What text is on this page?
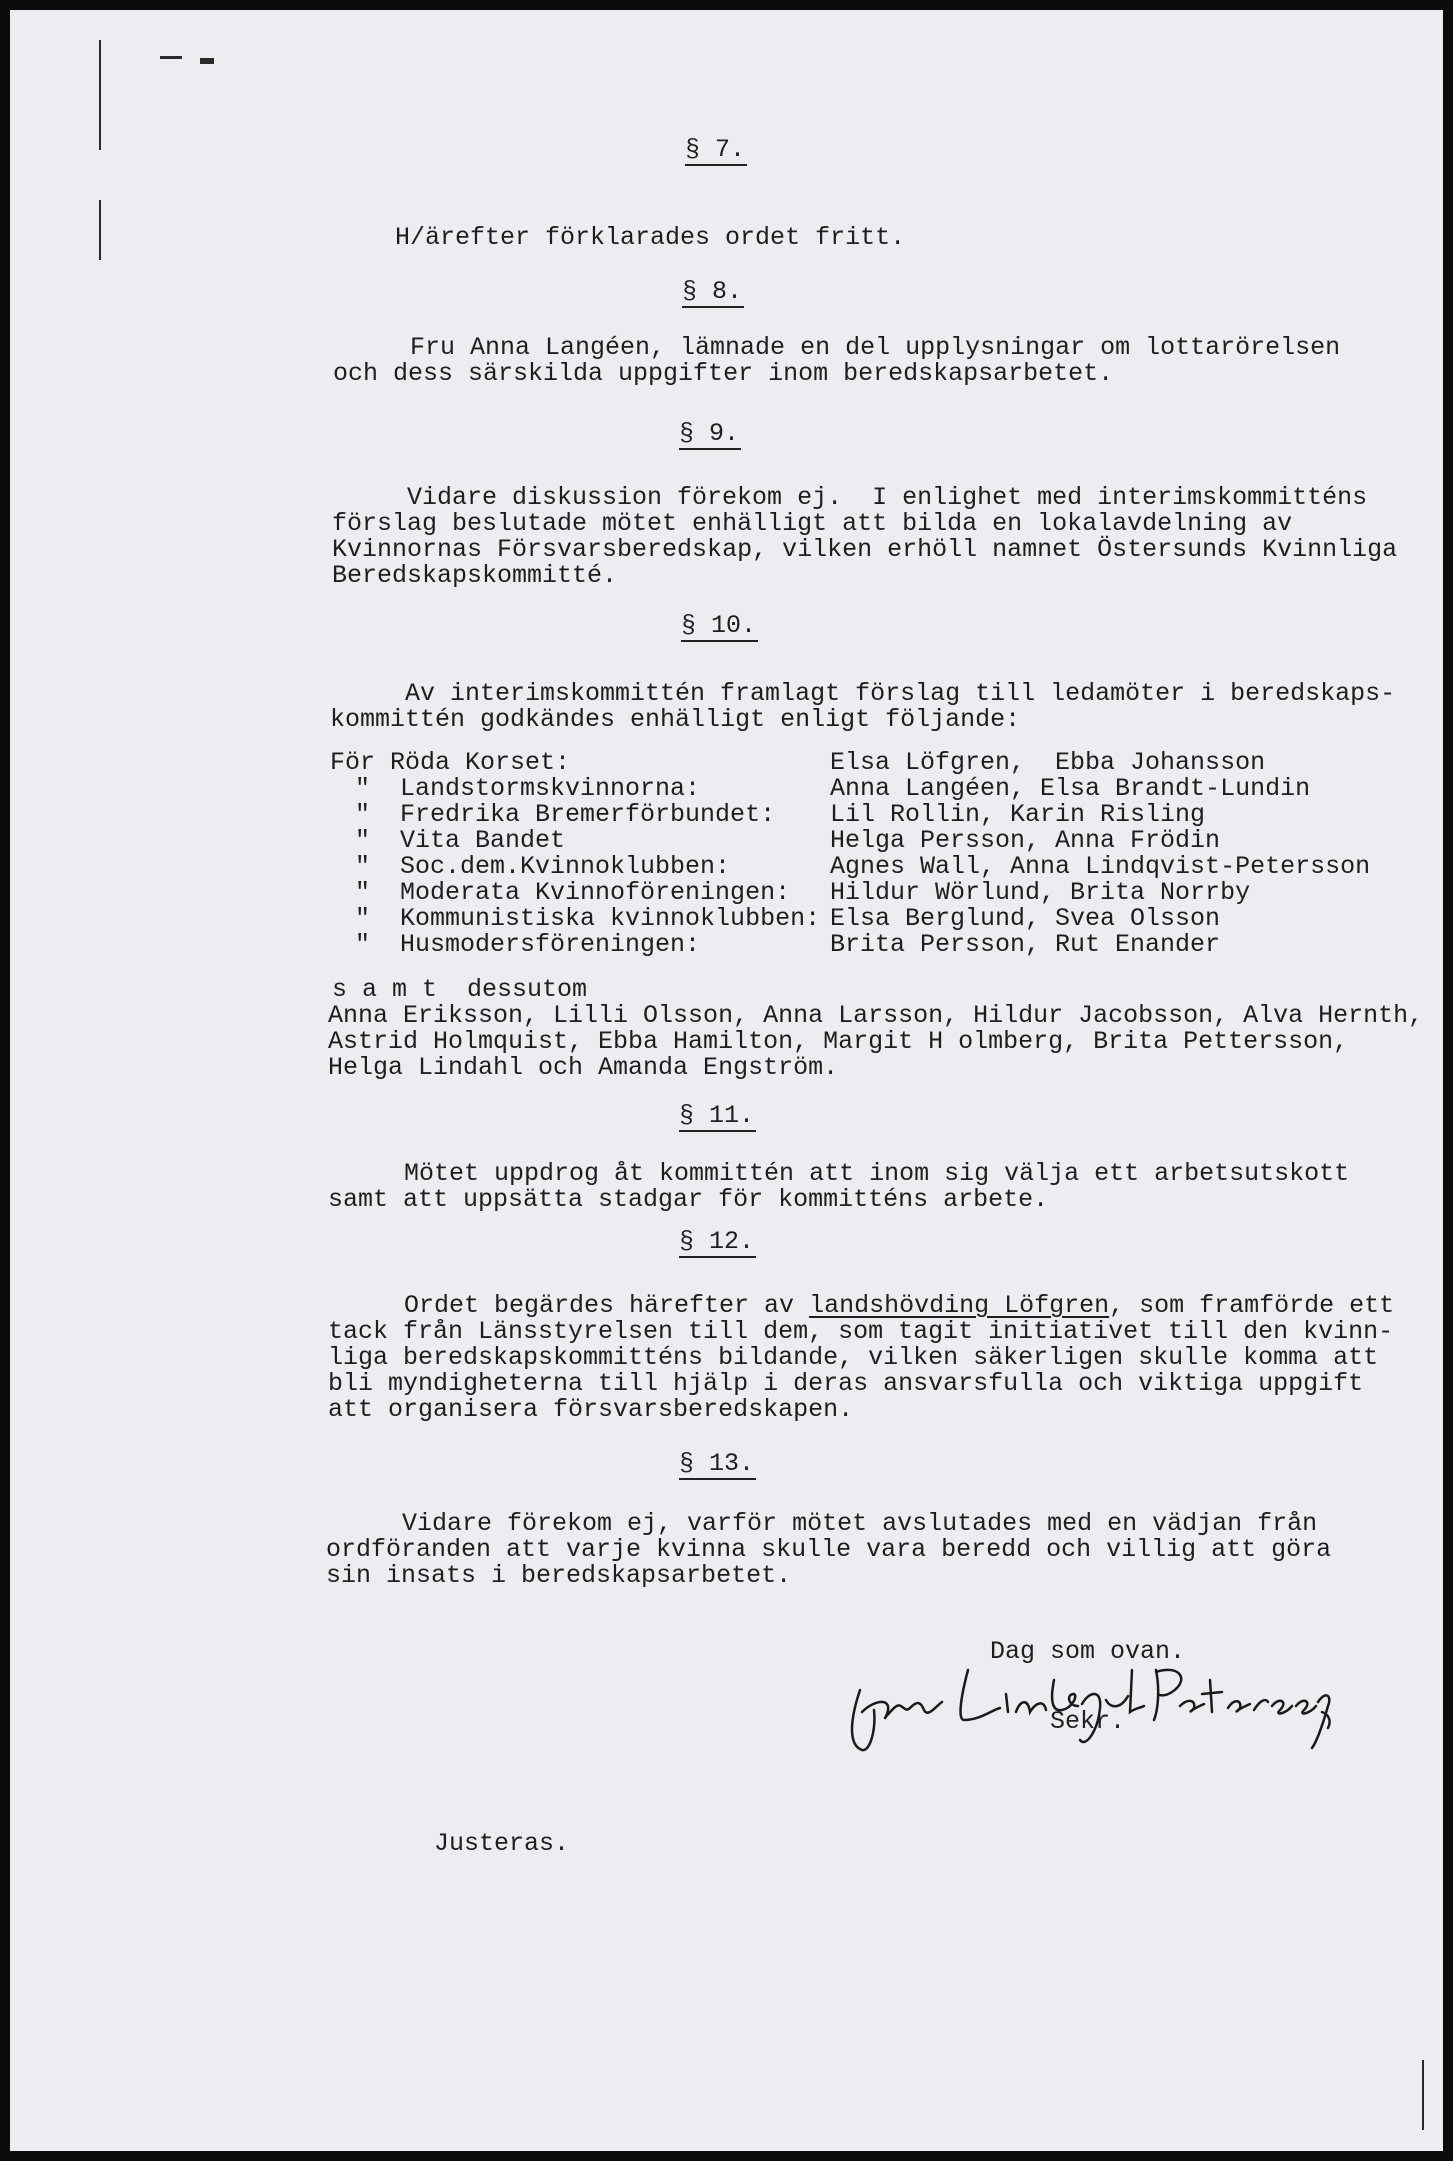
§ 7.
H/ärefter förklarades ordet fritt.
§ 8.
Fru Anna Langéen, lämnade en del upplysningar om lottarörelsen
och dess särskilda uppgifter inom beredskapsarbetet.
§ 9.
Vidare diskussion förekom ej.  I enlighet med interimskommitténs
förslag beslutade mötet enhälligt att bilda en lokalavdelning av
Kvinnornas Försvarsberedskap, vilken erhöll namnet Östersunds Kvinnliga
Beredskapskommitté.
§ 10.
Av interimskommittén framlagt förslag till ledamöter i beredskaps-
kommittén godkändes enhälligt enligt följande:
För Röda Korset:	Elsa Löfgren,  Ebba Johansson
"  Landstormskvinnorna:	Anna Langéen, Elsa Brandt-Lundin
"  Fredrika Bremerförbundet: Lil Rollin, Karin Risling
"  Vita Bandet	Helga Persson, Anna Frödin
"  Soc.dem.Kvinnoklubben:	Agnes Wall, Anna Lindqvist-Petersson
"  Moderata Kvinnoföreningen: Hildur Wörlund, Brita Norrby
"  Kommunistiska kvinnoklubben: Elsa Berglund, Svea Olsson
"  Husmodersföreningen:	Brita Persson, Rut Enander
s a m t  dessutom
Anna Eriksson, Lilli Olsson, Anna Larsson, Hildur Jacobsson, Alva Hernth,
Astrid Holmquist, Ebba Hamilton, Margit H olmberg, Brita Pettersson,
Helga Lindahl och Amanda Engström.
§ 11.
Mötet uppdrog åt kommittén att inom sig välja ett arbetsutskott
samt att uppsätta stadgar för kommitténs arbete.
§ 12.
Ordet begärdes härefter av landshövding Löfgren, som framförde ett
tack från Länsstyrelsen till dem, som tagit initiativet till den kvinn-
liga beredskapskommitténs bildande, vilken säkerligen skulle komma att
bli myndigheterna till hjälp i deras ansvarsfulla och viktiga uppgift
att organisera försvarsberedskapen.
§ 13.
Vidare förekom ej, varför mötet avslutades med en vädjan från
ordföranden att varje kvinna skulle vara beredd och villig att göra
sin insats i beredskapsarbetet.
Dag som ovan.
Sekr.
Justeras.
